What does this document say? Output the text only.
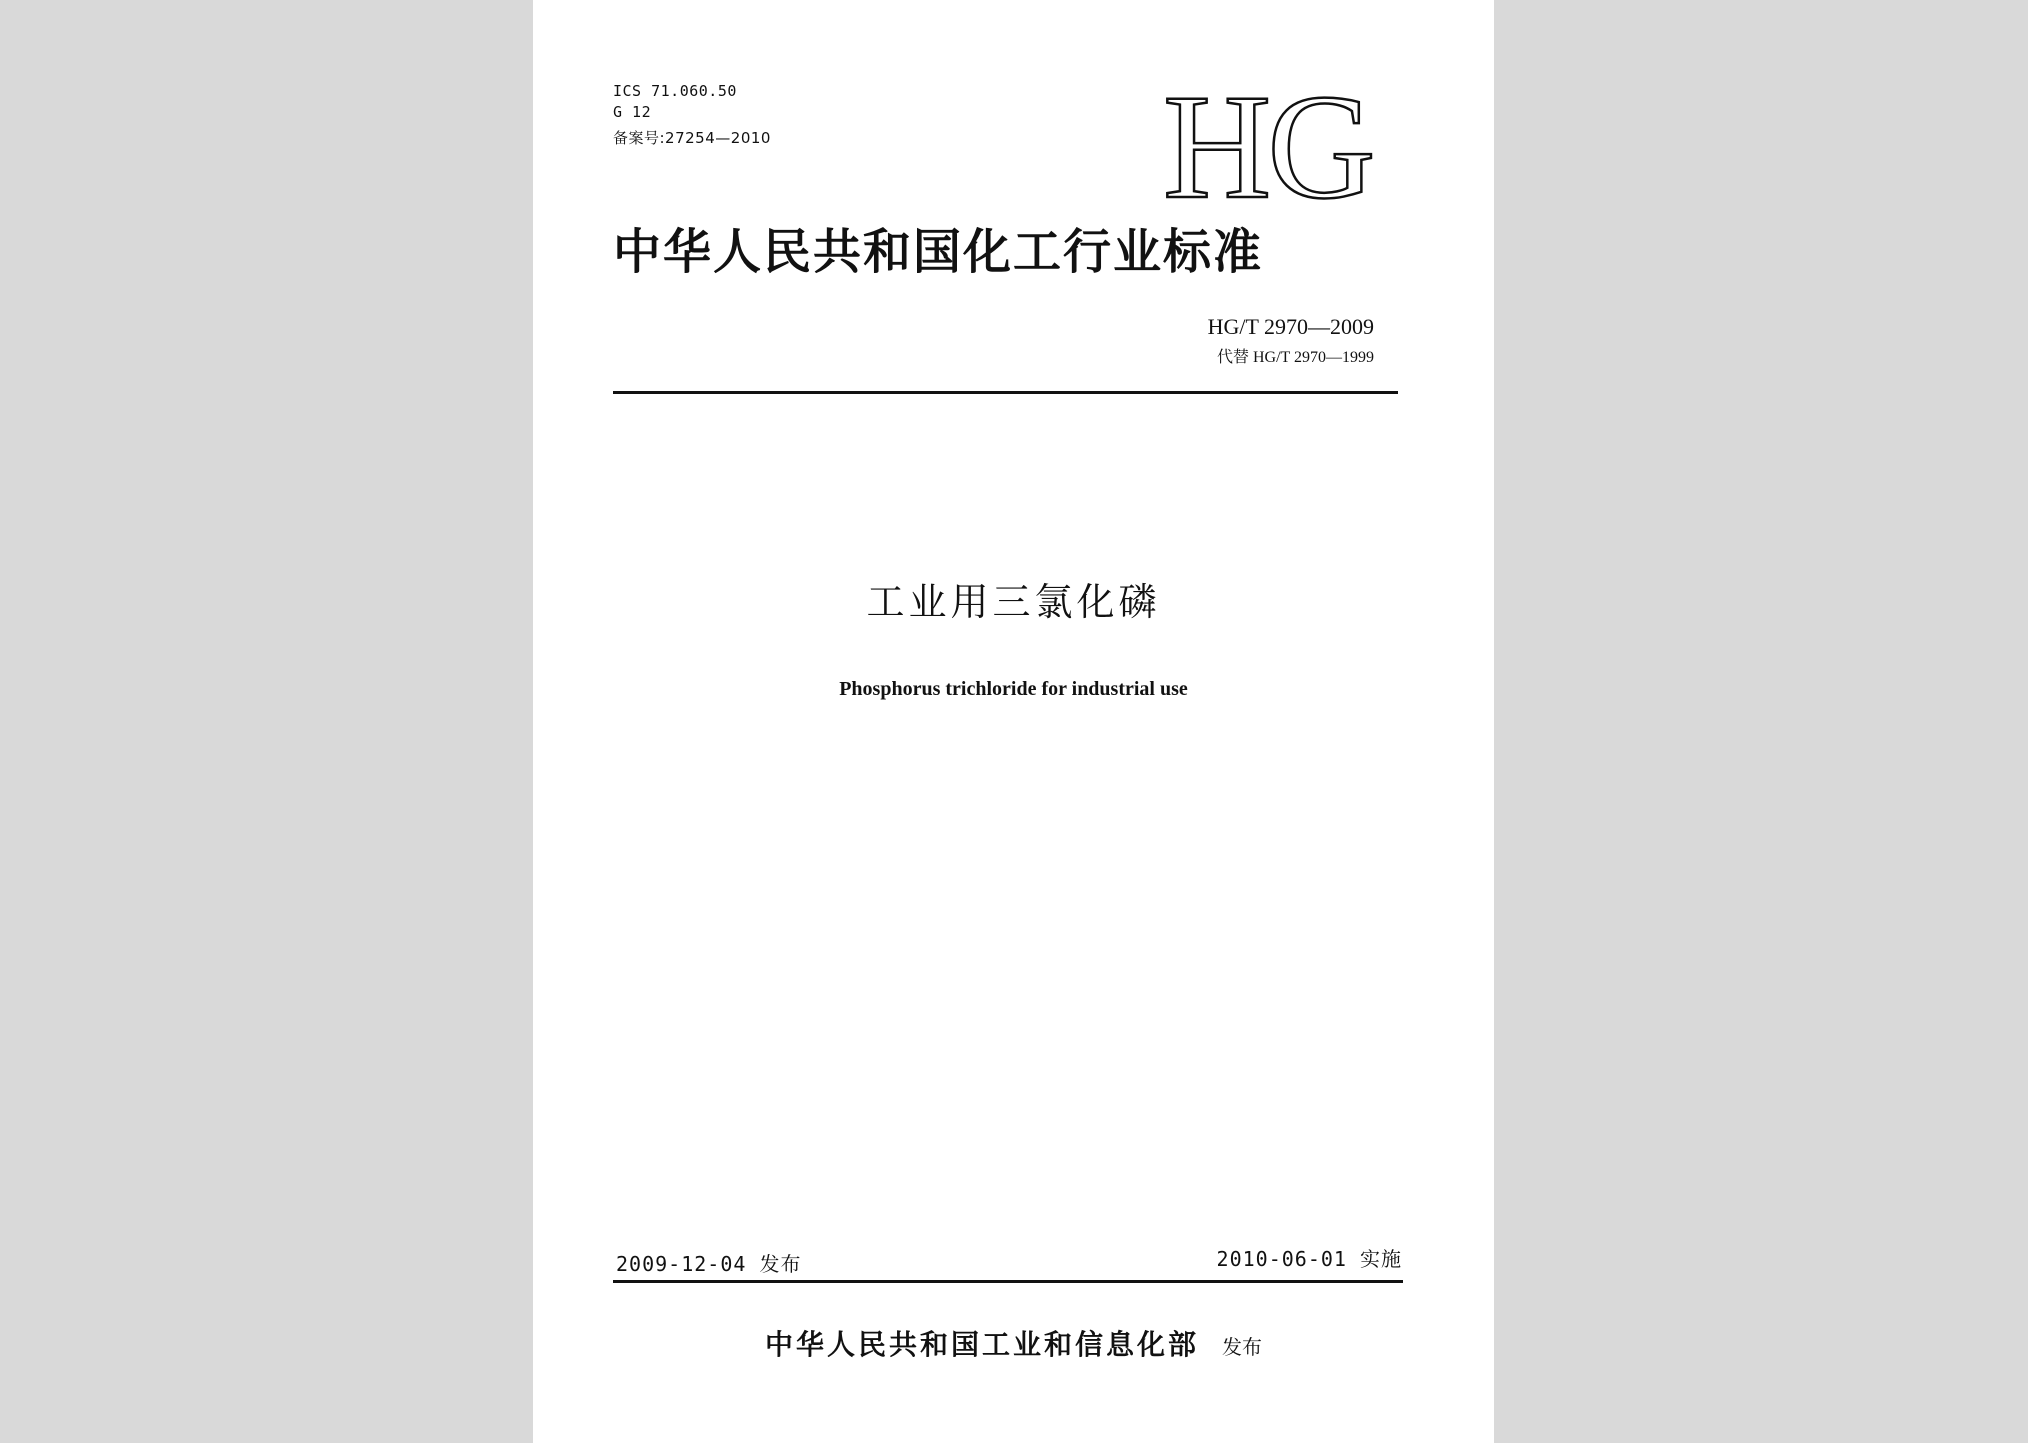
ICS 71.060.50
G 12
备案号:27254—2010	HG
中华人民共和国化工行业标准
HG/T 2970—2009
代替 HG/T 2970—1999
工业用三氯化磷
Phosphorus trichloride for industrial use
2009-12-04 发布	2010-06-01 实施
中华人民共和国工业和信息化部 发布
